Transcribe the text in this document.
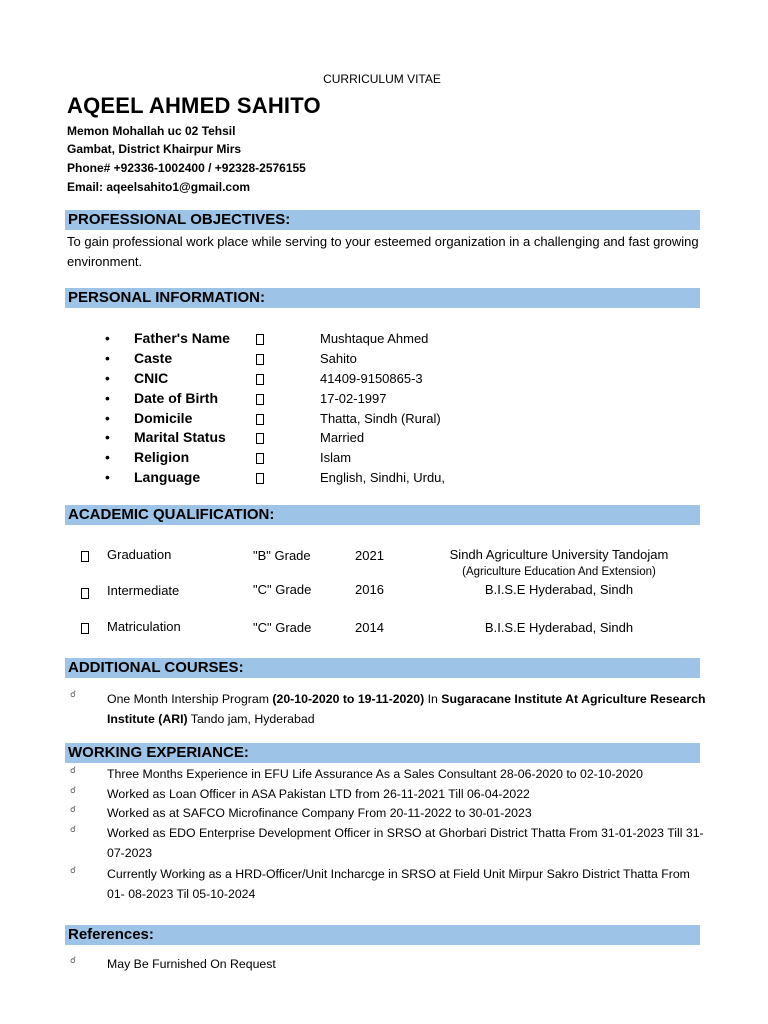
CURRICULUM VITAE
AQEEL AHMED SAHITO
Memon Mohallah uc 02 Tehsil
Gambat, District Khairpur Mirs
Phone# +92336-1002400 / +92328-2576155
Email: aqeelsahito1@gmail.com
PROFESSIONAL OBJECTIVES:
To gain professional work place while serving to your esteemed organization in a challenging and fast growing environment.
PERSONAL INFORMATION:
• Father's Name	Mushtaque Ahmed
• Caste	Sahito
• CNIC	41409-9150865-3
• Date of Birth	17-02-1997
• Domicile	Thatta, Sindh (Rural)
• Marital Status	Married
• Religion	Islam
• Language	English, Sindhi, Urdu,
ACADEMIC QUALIFICATION:
Graduation	"B" Grade	2021	Sindh Agriculture University Tandojam
(Agriculture Education And Extension)
Intermediate	"C" Grade	2016	B.I.S.E Hyderabad, Sindh
Matriculation	"C" Grade	2014	B.I.S.E Hyderabad, Sindh
ADDITIONAL COURSES:
☌	One Month Intership Program (20-10-2020 to 19-11-2020) In Sugaracane Institute At Agriculture Research Institute (ARI) Tando jam, Hyderabad
WORKING EXPERIANCE:
☌	Three Months Experience in EFU Life Assurance As a Sales Consultant 28-06-2020 to 02-10-2020
☌	Worked as Loan Officer in ASA Pakistan LTD from 26-11-2021 Till 06-04-2022
☌	Worked as at SAFCO Microfinance Company From 20-11-2022 to 30-01-2023
☌	Worked as EDO Enterprise Development Officer in SRSO at Ghorbari District Thatta From 31-01-2023 Till 31-07-2023
☌	Currently Working as a HRD-Officer/Unit Incharcge in SRSO at Field Unit Mirpur Sakro District Thatta From 01- 08-2023 Til 05-10-2024
References:
☌	May Be Furnished On Request
